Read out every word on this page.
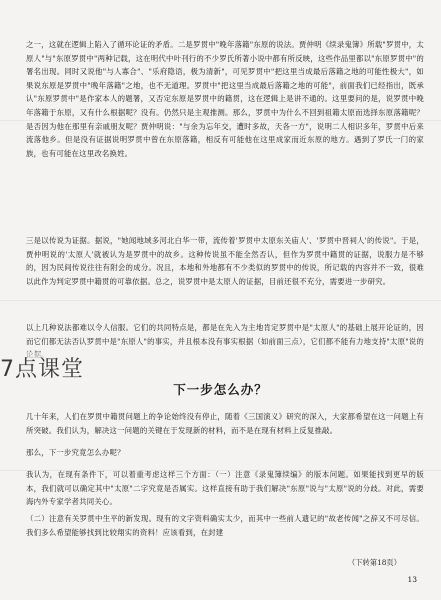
之一，这就在逻辑上陷入了循环论证的矛盾。二是罗贯中"晚年落籍"东原的说法。贾仲明《续录鬼簿》所载"罗贯中，太原人"与"东原罗贯中"两种记载，这在明代中叶刊行的不少罗氏所著小说中都有所反映，这些作品里都以"东原罗贯中"的署名出现。同时又说他"与人寡合"、"乐府隐语，极为清新"，可见罗贯中"把这里当成最后落籍之地的可能性极大"，如果说东原是罗贯中"晚年落籍"之地，也不无道理。罗贯中"把这里当成最后落籍之地的可能"，前面我们已经指出，既承认"东原罗贯中"是作家本人的题署，又否定东原是罗贯中的籍贯，这在逻辑上是讲不通的。这里要问的是，说罗贯中晚年落籍于东原，又有什么根据呢？没有。仍然只是主观推测。那么，罗贯中为什么不回到祖籍太原而选择东原落籍呢？是否因为他在那里有亲戚朋友呢？贾仲明说："与余为忘年交，遭时多故，天各一方"，说明二人相识多年，罗贯中后来流落他乡。但是没有证据说明罗贯中曾在东原落籍，相反有可能他在这里成家而近东原的地方。遇到了罗氏一门的家族，也有可能在这里改名换姓。

三是以传说为证据。据说，"她闻地域多河北白华一带，流传着'罗贯中太原东关庙人'、'罗贯中晋祠人'的传说"。于是，贾仲明说的'太原人'就被认为是罗贯中的故乡。这种传说虽不能全然否认，但作为罗贯中籍贯的证据，说服力是不够的，因为民间传说往往有附会的成分。况且，本地和外地都有不少类似的罗贯中的传说，所记载的内容并不一致，很难以此作为判定罗贯中籍贯的可靠依据。总之，说罗贯中是太原人的证据，目前还很不充分，需要进一步研究。

以上几种说法都难以令人信服。它们的共同特点是，都是在先入为主地肯定罗贯中是"太原人"的基础上展开论证的，因而它们都无法否认罗贯中是"东原人"的事实，并且根本没有事实根据（如前面三点），它们都不能有力地支持"太原"说的

7点课堂
下一步怎么办？

几十年来，人们在罗贯中籍贯问题上的争论始终没有停止，随着《三国演义》研究的深入，大家都希望在这一问题上有所突破。我们认为，解决这一问题的关键在于发现新的材料，而不是在现有材料上反复推敲。

那么，下一步究竟怎么办呢？

我认为，在现有条件下，可以着重考虑这样三个方面：（一）注意《录鬼簿续编》的版本问题。如果能找到更早的版本，我们就可以确定其中"太原"二字究竟是否属实。这样直接有助于我们解决"东原"说与"太原"说的分歧。对此，需要海内外专家学者共同关心。

（二）注意有关罗贯中生平的新发现。现有的文字资料确实太少，而其中一些前人遗记的"故老传闻"之辞又不可尽信。我们多么希望能够找到比较翔实的资料！应该看到，在封建

（下转第18页）
13
